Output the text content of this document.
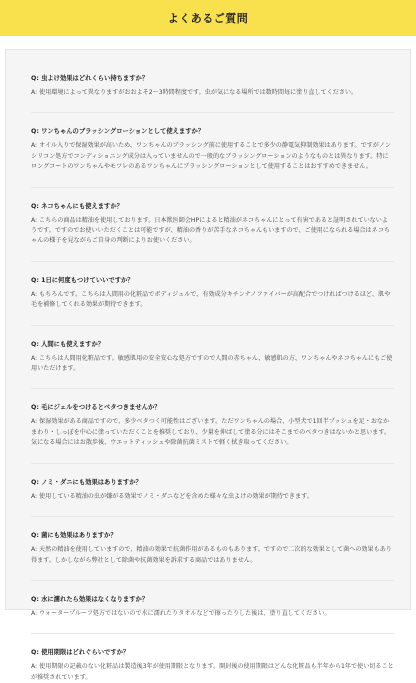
よくあるご質問
Q: 虫よけ効果はどれくらい持ちますか？
A: 使用環境によって異なりますがおおよそ2〜3時間程度です。虫が気になる場所では数時間毎に塗り直してください。
Q: ワンちゃんのブラッシングローションとして使えますか？
A: オイル入りで保湿効果が高いため、ワンちゃんのブラッシング前に使用することで多少の静電気抑制効果はあります。ですがノンシリコン処方でコンディショニング成分は入っていませんので一般的なブラッシングローションのようなものとは異なります。特にロングコートのワンちゃんやモツレのあるワンちゃんにブラッシングローションとして使用することはおすすめできません。
Q: ネコちゃんにも使えますか？
A: こちらの商品は精油を使用しております。日本獣医師会HPによると精油がネコちゃんにとって有害であると証明されていないようです。ですのでお使いいただくことは可能ですが、精油の香りが苦手なネコちゃんもいますので、ご使用になられる場合はネコちゃんの様子を見ながらご自身の判断によりお使いください。
Q: 1日に何度もつけていいですか？
A: もちろんです。こちらは人間用の化粧品でボディジェルで、有効成分キチンナノファイバーが高配合でつければつけるほど、肌や毛を補修してくれる効果が期待できます。
Q: 人間にも使えますか？
A: こちらは人間用化粧品です。敏感肌用の安全安心な処方ですので人間の赤ちゃん、敏感肌の方、ワンちゃんやネコちゃんにもご使用いただけます。
Q: 毛にジェルをつけるとベタつきませんか？
A: 保湿効果がある商品ですので、多少ベタつく可能性はございます。ただワンちゃんの場合、小型犬で1回半プッシュを足・おなかまわり・しっぽを中心に塗っていただくことを推奨しており、少量を伸ばして塗る分にはそこまでのベタつきはないかと思います。気になる場合にはお散歩後、ウエットティッシュや除菌抗菌ミストで軽く拭き取ってください。
Q: ノミ・ダニにも効果はありますか？
A: 使用している精油の虫が嫌がる効果でノミ・ダニなどを含めた様々な虫よけの効果が期待できます。
Q: 菌にも効果はありますか？
A: 天然の精油を使用していますので、精油の効果で抗菌作用があるものもあります。ですので二次的な効果として菌への効果もあり得ます。しかしながら弊社として除菌や抗菌効果を訴求する商品ではありません。
Q: 水に濡れたら効果はなくなりますか？
A: ウォータープルーフ処方ではないので水に濡れたりタオルなどで擦ったりした後は、塗り直してください。
Q: 使用期限はどれぐらいですか？
A: 使用期限の記載のない化粧品は製造後3年が使用期限となります。開封後の使用期限はどんな化粧品も半年から1年で使い切ることが推奨されています。
